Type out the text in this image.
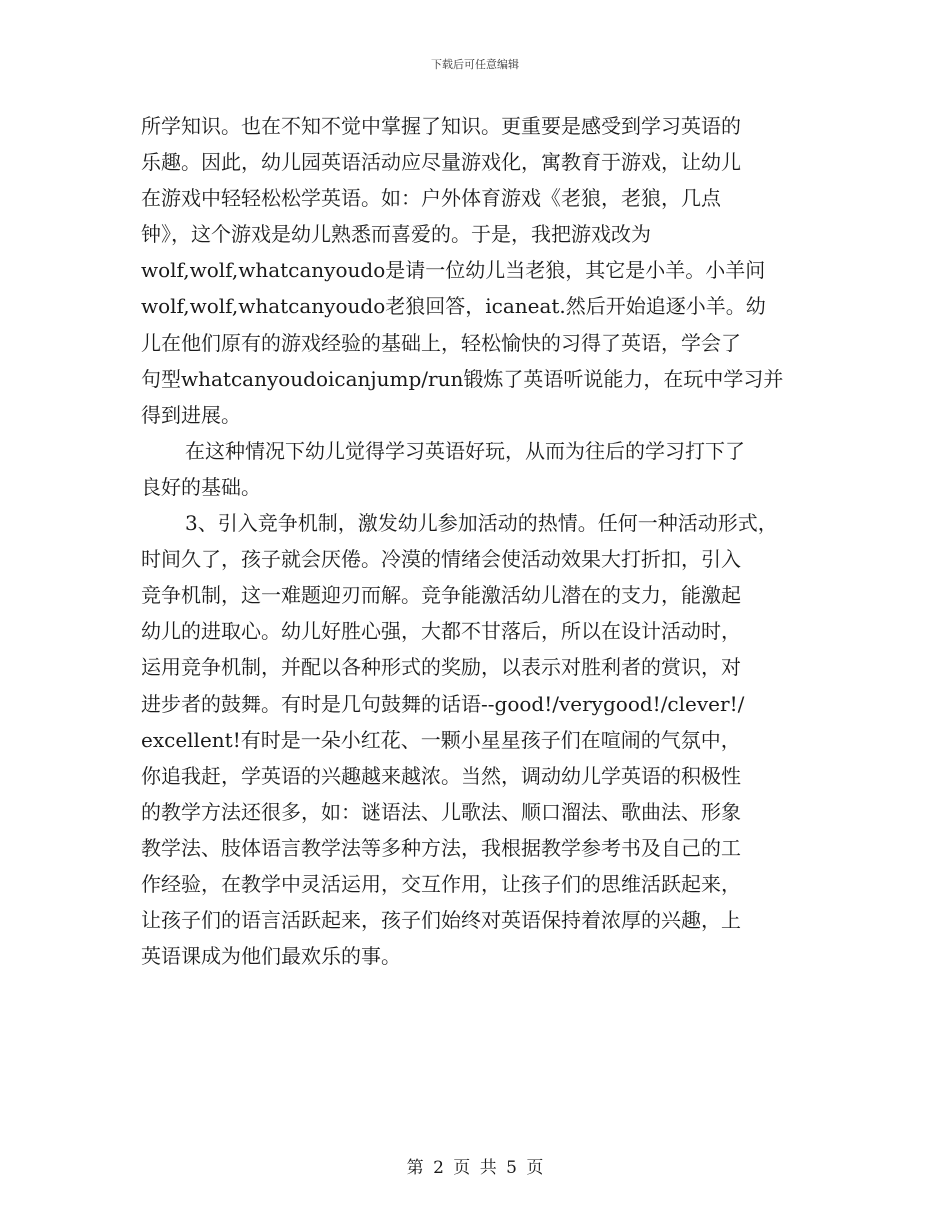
下载后可任意编辑
所学知识。也在不知不觉中掌握了知识。更重要是感受到学习英语的
乐趣。因此，幼儿园英语活动应尽量游戏化，寓教育于游戏，让幼儿
在游戏中轻轻松松学英语。如：户外体育游戏《老狼，老狼，几点
钟》，这个游戏是幼儿熟悉而喜爱的。于是，我把游戏改为
wolf,wolf,whatcanyoudo是请一位幼儿当老狼，其它是小羊。小羊问
wolf,wolf,whatcanyoudo老狼回答，icaneat.然后开始追逐小羊。幼
儿在他们原有的游戏经验的基础上，轻松愉快的习得了英语，学会了
句型whatcanyoudoicanjump/run锻炼了英语听说能力，在玩中学习并
得到进展。
在这种情况下幼儿觉得学习英语好玩，从而为往后的学习打下了
良好的基础。
3、引入竞争机制，激发幼儿参加活动的热情。任何一种活动形式，
时间久了，孩子就会厌倦。冷漠的情绪会使活动效果大打折扣，引入
竞争机制，这一难题迎刃而解。竞争能激活幼儿潜在的支力，能激起
幼儿的进取心。幼儿好胜心强，大都不甘落后，所以在设计活动时，
运用竞争机制，并配以各种形式的奖励，以表示对胜利者的赏识，对
进步者的鼓舞。有时是几句鼓舞的话语--good!/verygood!/clever!/
excellent!有时是一朵小红花、一颗小星星孩子们在喧闹的气氛中，
你追我赶，学英语的兴趣越来越浓。当然，调动幼儿学英语的积极性
的教学方法还很多，如：谜语法、儿歌法、顺口溜法、歌曲法、形象
教学法、肢体语言教学法等多种方法，我根据教学参考书及自己的工
作经验，在教学中灵活运用，交互作用，让孩子们的思维活跃起来，
让孩子们的语言活跃起来，孩子们始终对英语保持着浓厚的兴趣，上
英语课成为他们最欢乐的事。
第 2 页 共 5 页
